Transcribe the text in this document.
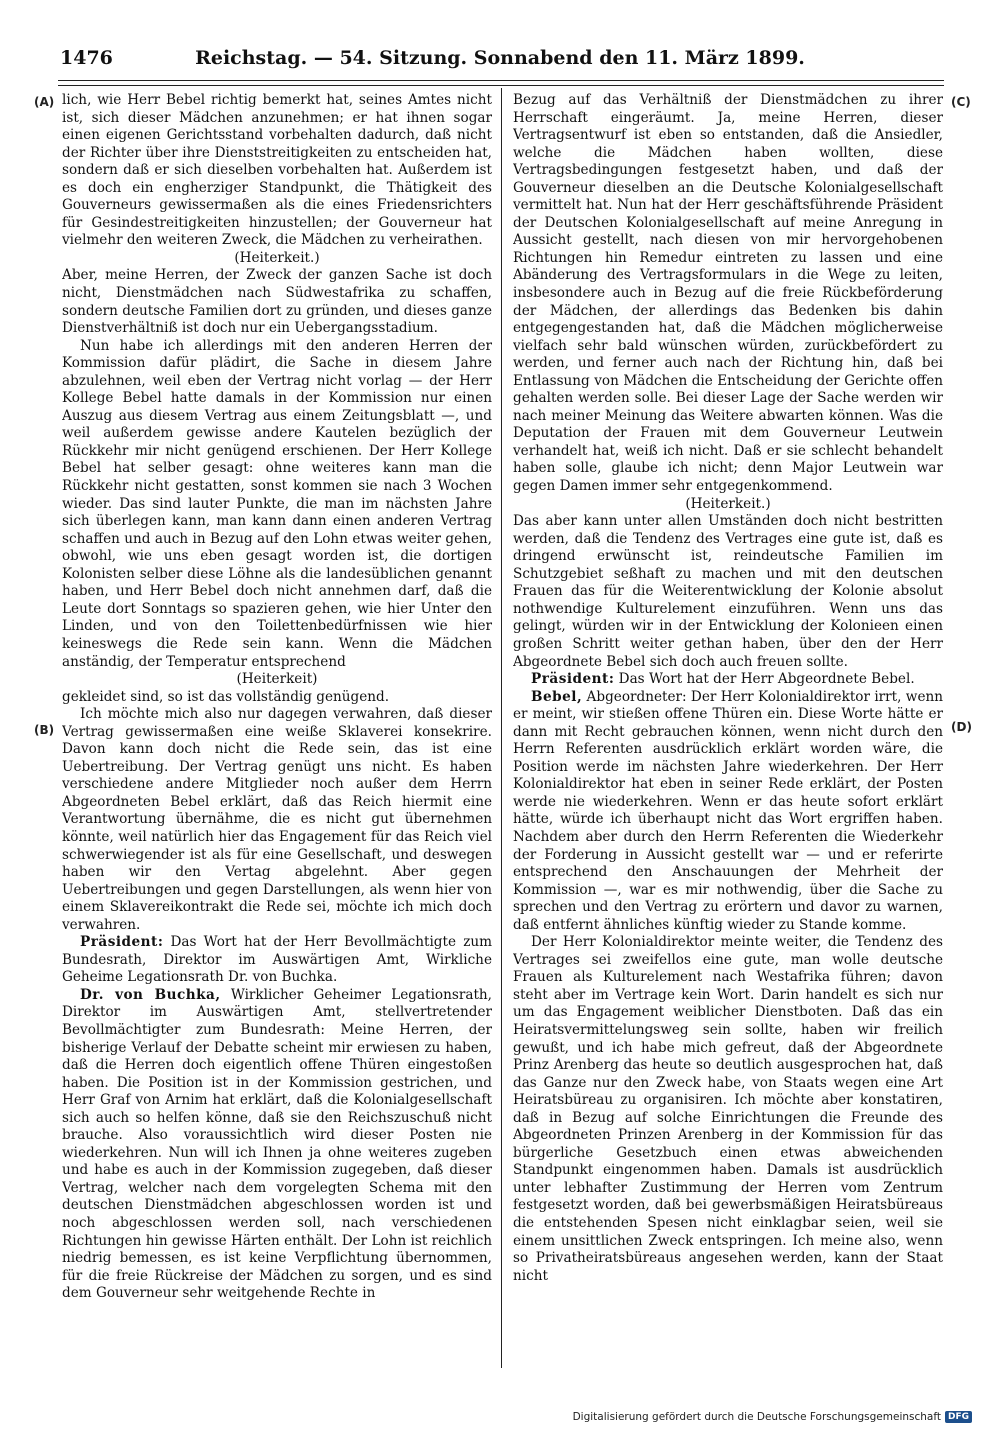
1476	Reichstag. — 54. Sitzung. Sonnabend den 11. März 1899.

lich, wie Herr Bebel richtig bemerkt hat, seines Amtes nicht ist, sich dieser Mädchen anzunehmen; er hat ihnen sogar einen eigenen Gerichtsstand vorbehalten dadurch, daß nicht der Richter über ihre Dienststreitigkeiten zu entscheiden hat, sondern daß er sich dieselben vorbehalten hat. Außerdem ist es doch ein engherziger Standpunkt, die Thätigkeit des Gouverneurs gewissermaßen als die eines Friedensrichters für Gesindestreitigkeiten hinzustellen; der Gouverneur hat vielmehr den weiteren Zweck, die Mädchen zu verheirathen.

(Heiterkeit.)

Aber, meine Herren, der Zweck der ganzen Sache ist doch nicht, Dienstmädchen nach Südwestafrika zu schaffen, sondern deutsche Familien dort zu gründen, und dieses ganze Dienstverhältniß ist doch nur ein Uebergangsstadium.

Nun habe ich allerdings mit den anderen Herren der Kommission dafür plädirt, die Sache in diesem Jahre abzulehnen, weil eben der Vertrag nicht vorlag — der Herr Kollege Bebel hatte damals in der Kommission nur einen Auszug aus diesem Vertrag aus einem Zeitungsblatt —, und weil außerdem gewisse andere Kautelen bezüglich der Rückkehr mir nicht genügend erschienen. Der Herr Kollege Bebel hat selber gesagt: ohne weiteres kann man die Rückkehr nicht gestatten, sonst kommen sie nach 3 Wochen wieder. Das sind lauter Punkte, die man im nächsten Jahre sich überlegen kann, man kann dann einen anderen Vertrag schaffen und auch in Bezug auf den Lohn etwas weiter gehen, obwohl, wie uns eben gesagt worden ist, die dortigen Kolonisten selber diese Löhne als die landesüblichen genannt haben, und Herr Bebel doch nicht annehmen darf, daß die Leute dort Sonntags so spazieren gehen, wie hier Unter den Linden, und von den Toilettenbedürfnissen wie hier keineswegs die Rede sein kann. Wenn die Mädchen anständig, der Temperatur entsprechend

(Heiterkeit)

gekleidet sind, so ist das vollständig genügend.

Ich möchte mich also nur dagegen verwahren, daß dieser Vertrag gewissermaßen eine weiße Sklaverei konsekrire. Davon kann doch nicht die Rede sein, das ist eine Uebertreibung. Der Vertrag genügt uns nicht. Es haben verschiedene andere Mitglieder noch außer dem Herrn Abgeordneten Bebel erklärt, daß das Reich hiermit eine Verantwortung übernähme, die es nicht gut übernehmen könnte, weil natürlich hier das Engagement für das Reich viel schwerwiegender ist als für eine Gesellschaft, und deswegen haben wir den Vertag abgelehnt. Aber gegen Uebertreibungen und gegen Darstellungen, als wenn hier von einem Sklavereikontrakt die Rede sei, möchte ich mich doch verwahren.

Präsident: Das Wort hat der Herr Bevollmächtigte zum Bundesrath, Direktor im Auswärtigen Amt, Wirkliche Geheime Legationsrath Dr. von Buchka.

Dr. von Buchka, Wirklicher Geheimer Legationsrath, Direktor im Auswärtigen Amt, stellvertretender Bevollmächtigter zum Bundesrath: Meine Herren, der bisherige Verlauf der Debatte scheint mir erwiesen zu haben, daß die Herren doch eigentlich offene Thüren eingestoßen haben. Die Position ist in der Kommission gestrichen, und Herr Graf von Arnim hat erklärt, daß die Kolonialgesellschaft sich auch so helfen könne, daß sie den Reichszuschuß nicht brauche. Also voraussichtlich wird dieser Posten nie wiederkehren. Nun will ich Ihnen ja ohne weiteres zugeben und habe es auch in der Kommission zugegeben, daß dieser Vertrag, welcher nach dem vorgelegten Schema mit den deutschen Dienstmädchen abgeschlossen worden ist und noch abgeschlossen werden soll, nach verschiedenen Richtungen hin gewisse Härten enthält. Der Lohn ist reichlich niedrig bemessen, es ist keine Verpflichtung übernommen, für die freie Rückreise der Mädchen zu sorgen, und es sind dem Gouverneur sehr weitgehende Rechte in

Bezug auf das Verhältniß der Dienstmädchen zu ihrer Herrschaft eingeräumt. Ja, meine Herren, dieser Vertragsentwurf ist eben so entstanden, daß die Ansiedler, welche die Mädchen haben wollten, diese Vertragsbedingungen festgesetzt haben, und daß der Gouverneur dieselben an die Deutsche Kolonialgesellschaft vermittelt hat. Nun hat der Herr geschäftsführende Präsident der Deutschen Kolonialgesellschaft auf meine Anregung in Aussicht gestellt, nach diesen von mir hervorgehobenen Richtungen hin Remedur eintreten zu lassen und eine Abänderung des Vertragsformulars in die Wege zu leiten, insbesondere auch in Bezug auf die freie Rückbeförderung der Mädchen, der allerdings das Bedenken bis dahin entgegengestanden hat, daß die Mädchen möglicherweise vielfach sehr bald wünschen würden, zurückbefördert zu werden, und ferner auch nach der Richtung hin, daß bei Entlassung von Mädchen die Entscheidung der Gerichte offen gehalten werden solle. Bei dieser Lage der Sache werden wir nach meiner Meinung das Weitere abwarten können. Was die Deputation der Frauen mit dem Gouverneur Leutwein verhandelt hat, weiß ich nicht. Daß er sie schlecht behandelt haben solle, glaube ich nicht; denn Major Leutwein war gegen Damen immer sehr entgegenkommend.

(Heiterkeit.)

Das aber kann unter allen Umständen doch nicht bestritten werden, daß die Tendenz des Vertrages eine gute ist, daß es dringend erwünscht ist, reindeutsche Familien im Schutzgebiet seßhaft zu machen und mit den deutschen Frauen das für die Weiterentwicklung der Kolonie absolut nothwendige Kulturelement einzuführen. Wenn uns das gelingt, würden wir in der Entwicklung der Kolonieen einen großen Schritt weiter gethan haben, über den der Herr Abgeordnete Bebel sich doch auch freuen sollte.

Präsident: Das Wort hat der Herr Abgeordnete Bebel.

Bebel, Abgeordneter: Der Herr Kolonialdirektor irrt, wenn er meint, wir stießen offene Thüren ein. Diese Worte hätte er dann mit Recht gebrauchen können, wenn nicht durch den Herrn Referenten ausdrücklich erklärt worden wäre, die Position werde im nächsten Jahre wiederkehren. Der Herr Kolonialdirektor hat eben in seiner Rede erklärt, der Posten werde nie wiederkehren. Wenn er das heute sofort erklärt hätte, würde ich überhaupt nicht das Wort ergriffen haben. Nachdem aber durch den Herrn Referenten die Wiederkehr der Forderung in Aussicht gestellt war — und er referirte entsprechend den Anschauungen der Mehrheit der Kommission —, war es mir nothwendig, über die Sache zu sprechen und den Vertrag zu erörtern und davor zu warnen, daß entfernt ähnliches künftig wieder zu Stande komme.

Der Herr Kolonialdirektor meinte weiter, die Tendenz des Vertrages sei zweifellos eine gute, man wolle deutsche Frauen als Kulturelement nach Westafrika führen; davon steht aber im Vertrage kein Wort. Darin handelt es sich nur um das Engagement weiblicher Dienstboten. Daß das ein Heiratsvermittelungsweg sein sollte, haben wir freilich gewußt, und ich habe mich gefreut, daß der Abgeordnete Prinz Arenberg das heute so deutlich ausgesprochen hat, daß das Ganze nur den Zweck habe, von Staats wegen eine Art Heiratsbüreau zu organisiren. Ich möchte aber konstatiren, daß in Bezug auf solche Einrichtungen die Freunde des Abgeordneten Prinzen Arenberg in der Kommission für das bürgerliche Gesetzbuch einen etwas abweichenden Standpunkt eingenommen haben. Damals ist ausdrücklich unter lebhafter Zustimmung der Herren vom Zentrum festgesetzt worden, daß bei gewerbsmäßigen Heiratsbüreaus die entstehenden Spesen nicht einklagbar seien, weil sie einem unsittlichen Zweck entspringen. Ich meine also, wenn so Privatheiratsbüreaus angesehen werden, kann der Staat nicht

(A)
(B)
(C)
(D)
Digitalisierung gefördert durch die Deutsche Forschungsgemeinschaft DFG
